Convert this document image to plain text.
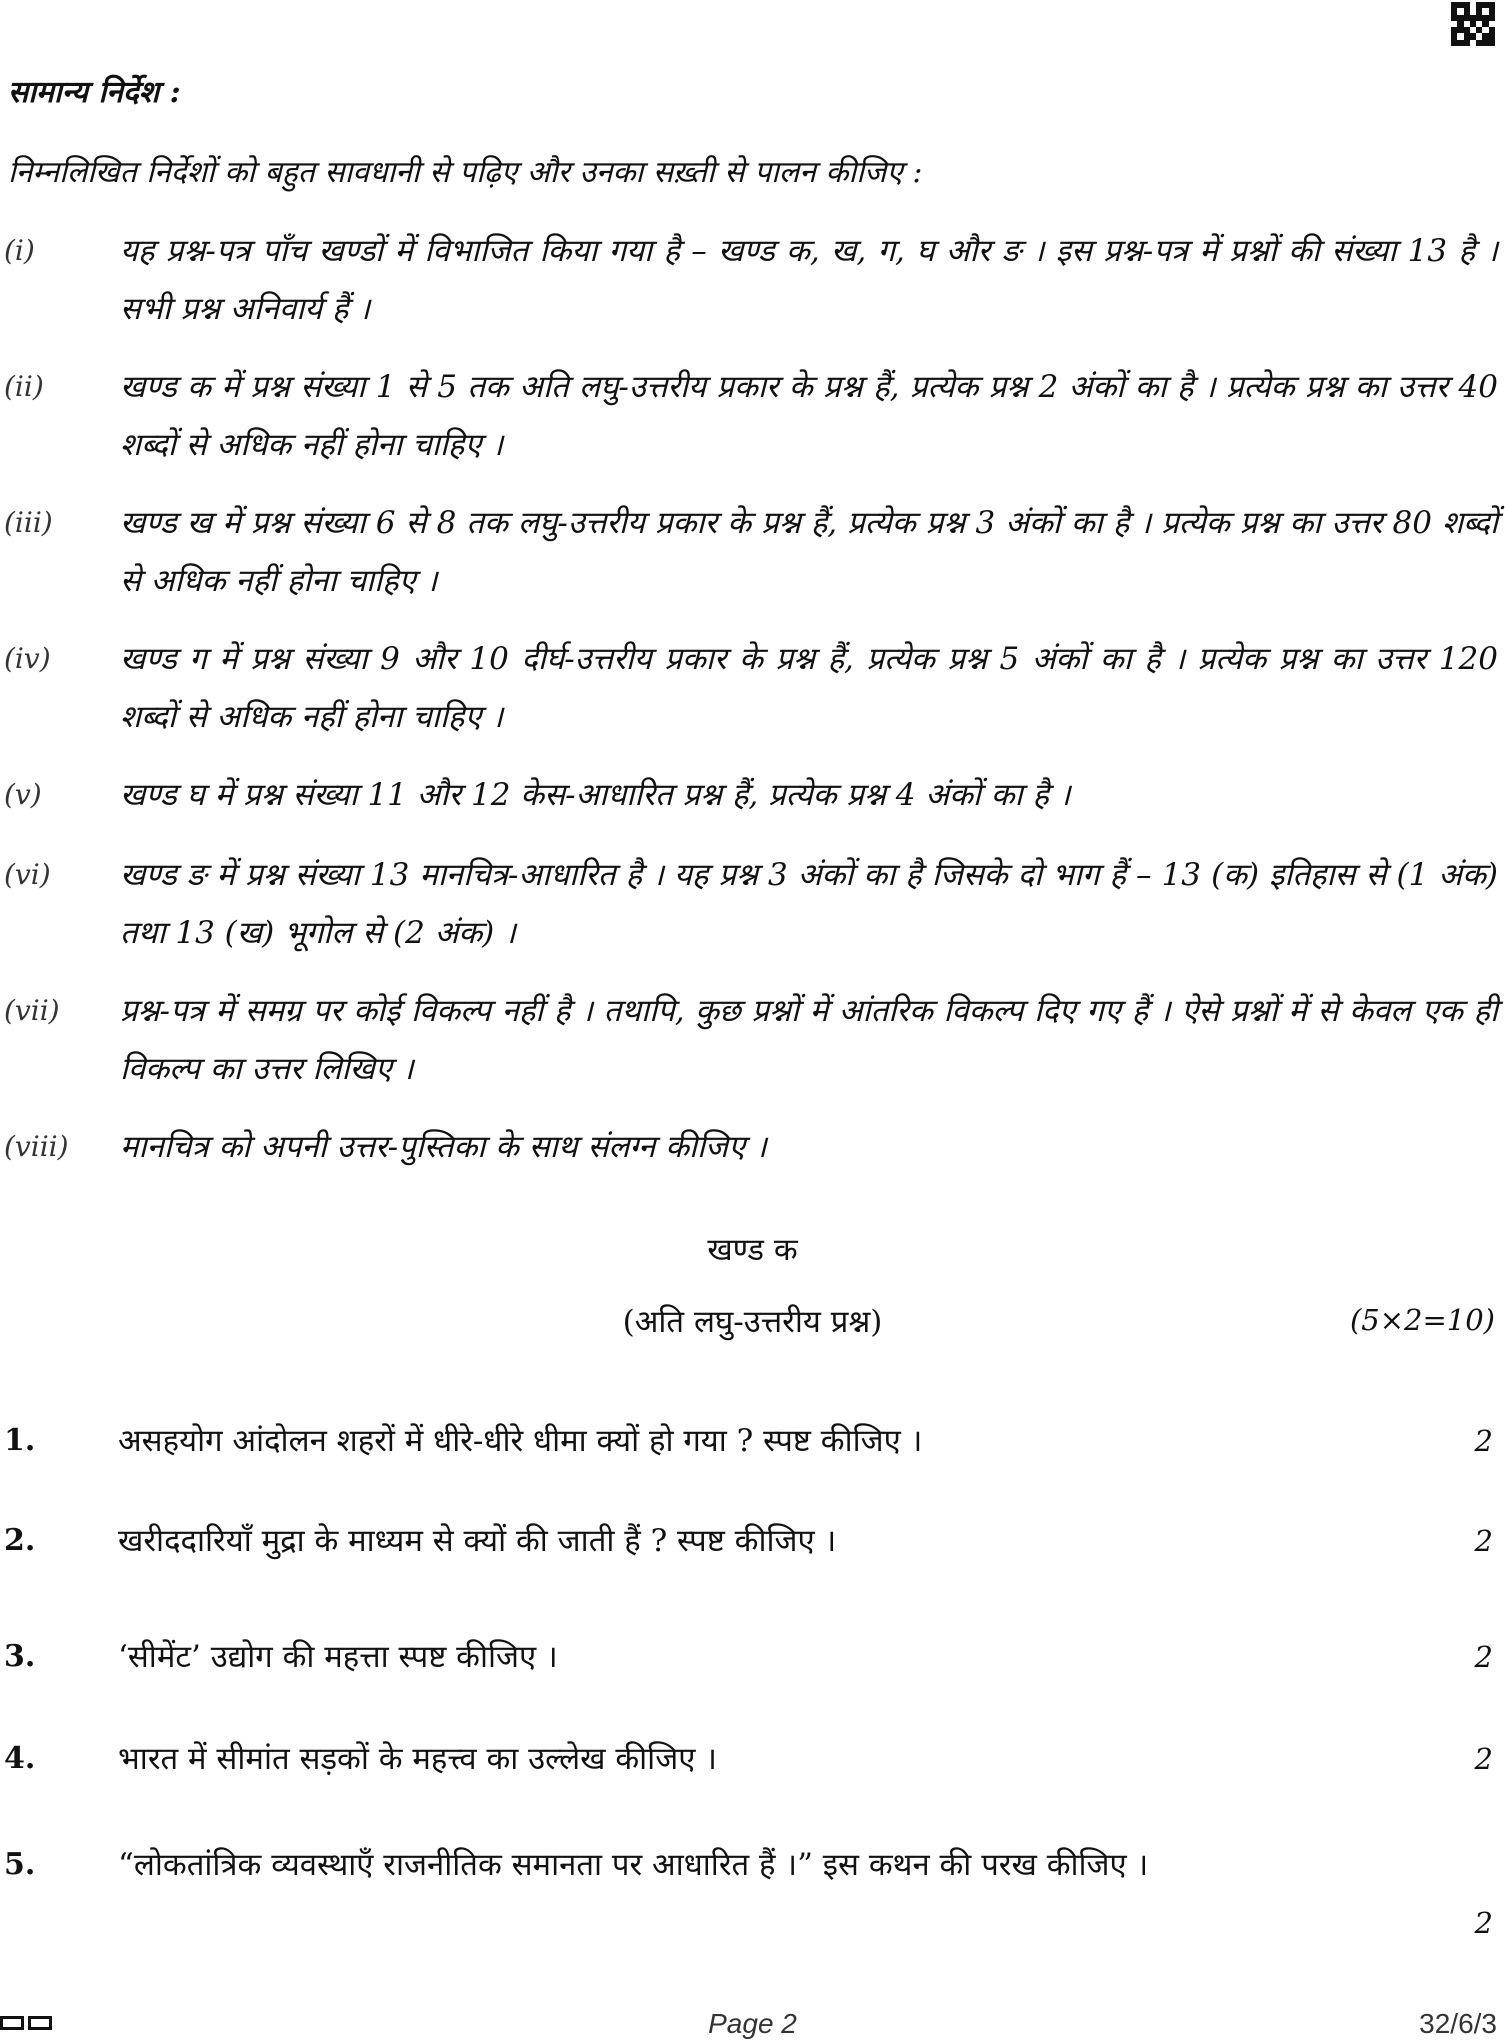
सामान्य निर्देश :
निम्नलिखित निर्देशों को बहुत सावधानी से पढ़िए और उनका सख़्ती से पालन कीजिए :
(i)	यह प्रश्न-पत्र पाँच खण्डों में विभाजित किया गया है – खण्ड क, ख, ग, घ और ङ । इस प्रश्न-पत्र में प्रश्नों की संख्या 13 है । सभी प्रश्न अनिवार्य हैं ।
(ii) खण्ड क में प्रश्न संख्या 1 से 5 तक अति लघु-उत्तरीय प्रकार के प्रश्न हैं, प्रत्येक प्रश्न 2 अंकों का है । प्रत्येक प्रश्न का उत्तर 40 शब्दों से अधिक नहीं होना चाहिए ।
(iii) खण्ड ख में प्रश्न संख्या 6 से 8 तक लघु-उत्तरीय प्रकार के प्रश्न हैं, प्रत्येक प्रश्न 3 अंकों का है । प्रत्येक प्रश्न का उत्तर 80 शब्दों से अधिक नहीं होना चाहिए ।
(iv) खण्ड ग में प्रश्न संख्या 9 और 10 दीर्घ-उत्तरीय प्रकार के प्रश्न हैं, प्रत्येक प्रश्न 5 अंकों का है । प्रत्येक प्रश्न का उत्तर 120 शब्दों से अधिक नहीं होना चाहिए ।
(v)	खण्ड घ में प्रश्न संख्या 11 और 12 केस-आधारित प्रश्न हैं, प्रत्येक प्रश्न 4 अंकों का है ।
(vi) खण्ड ङ में प्रश्न संख्या 13 मानचित्र-आधारित है । यह प्रश्न 3 अंकों का है जिसके दो भाग हैं – 13 (क) इतिहास से (1 अंक) तथा 13 (ख) भूगोल से (2 अंक) ।
(vii) प्रश्न-पत्र में समग्र पर कोई विकल्प नहीं है । तथापि, कुछ प्रश्नों में आंतरिक विकल्प दिए गए हैं । ऐसे प्रश्नों में से केवल एक ही विकल्प का उत्तर लिखिए ।
(viii) मानचित्र को अपनी उत्तर-पुस्तिका के साथ संलग्न कीजिए ।
खण्ड क
(अति लघु-उत्तरीय प्रश्न)	(5×2=10)
1.	असहयोग आंदोलन शहरों में धीरे-धीरे धीमा क्यों हो गया ? स्पष्ट कीजिए ।	2
2.	खरीददारियाँ मुद्रा के माध्यम से क्यों की जाती हैं ? स्पष्ट कीजिए ।	2
3.	‘सीमेंट’ उद्योग की महत्ता स्पष्ट कीजिए ।	2
4.	भारत में सीमांत सड़कों के महत्त्व का उल्लेख कीजिए ।	2
5.	“लोकतांत्रिक व्यवस्थाएँ राजनीतिक समानता पर आधारित हैं ।” इस कथन की परख कीजिए ।
2
Page 2	32/6/3
